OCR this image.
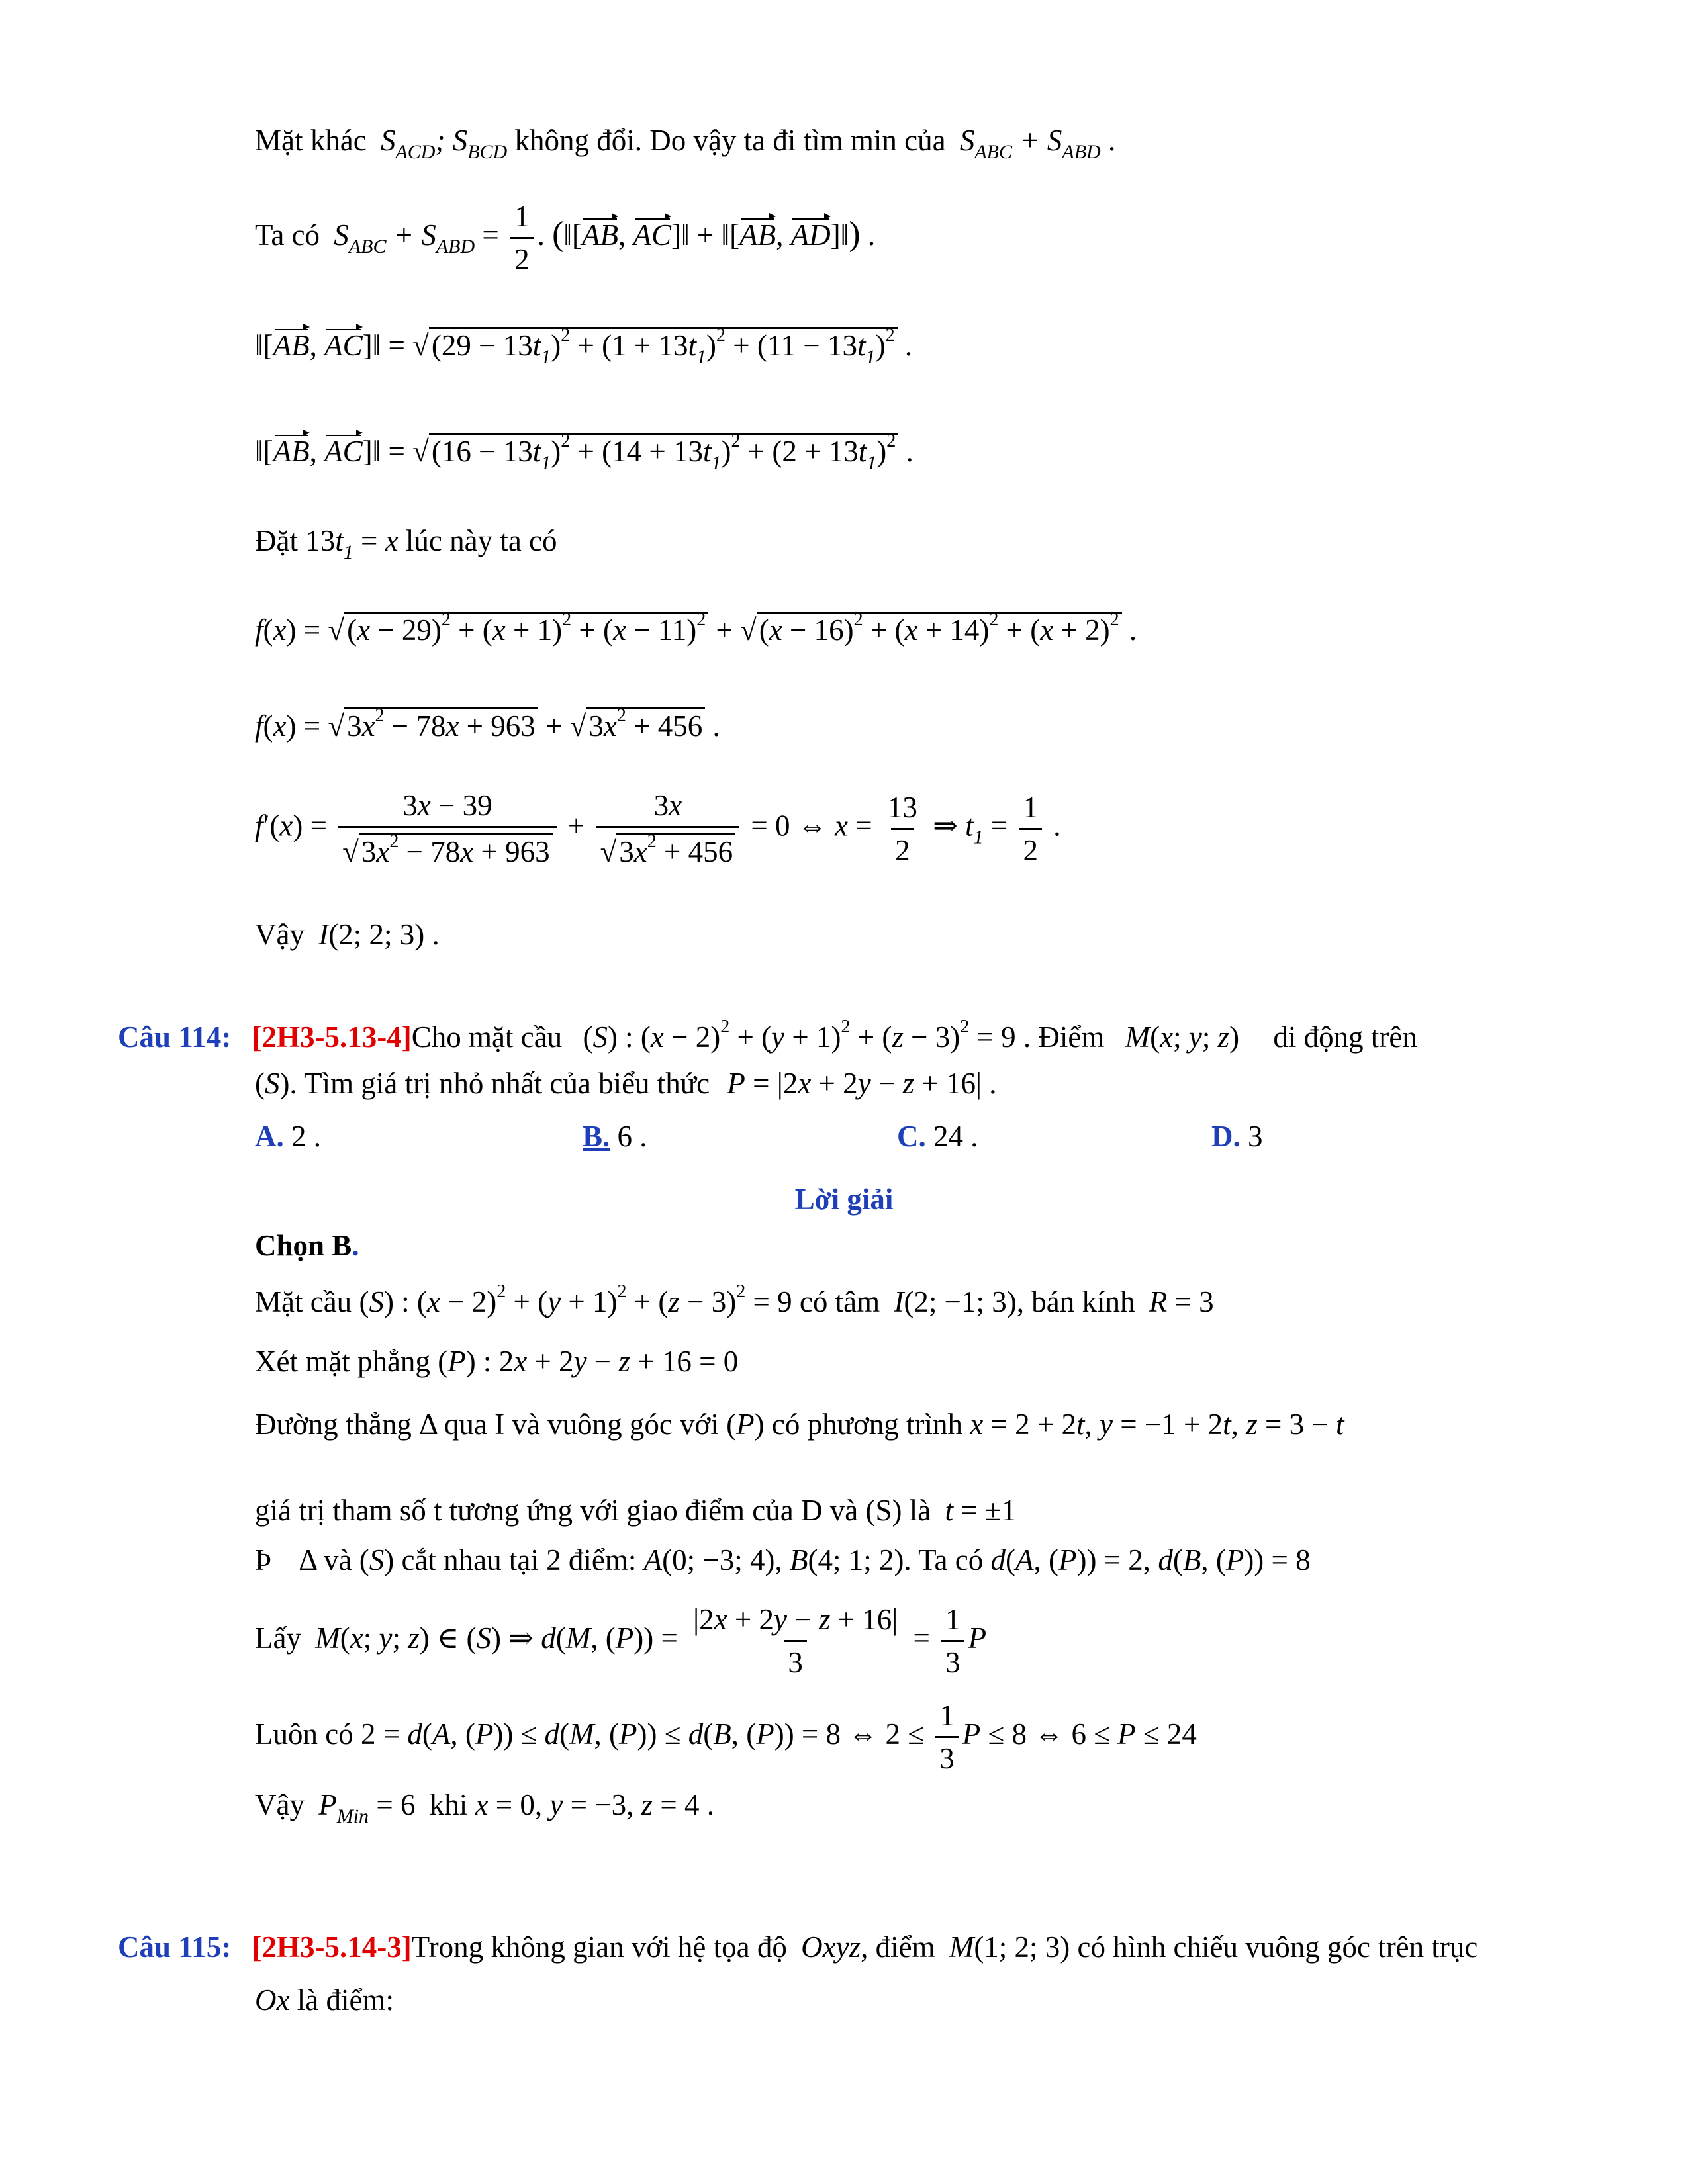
Mặt khác $S_{ACD}$; $S_{BCD}$ không đổi. Do vậy ta đi tìm min của $S_{ABC} + S_{ABD}$ .
Ta có $S_{ABC} + S_{ABD} = \frac{1}{2}$ . (‖[AB, AC]‖ + ‖[AB, AD]‖) .
‖[AB, AC]‖ = $√(29 - 13t_1)^2 + (1 + 13t_1)^2 + (11 - 13t_1)^2$ .
‖[AB, AC]‖ = $√(16 - 13t_1)^2 + (14 + 13t_1)^2 + (2 + 13t_1)^2$ .
Đặt $13t_1 = x$ lúc này ta có
$f(x) = √(x - 29)^2 + (x + 1)^2 + (x - 11)^2 + √(x - 16)^2 + (x + 14)^2 + (x + 2)^2$ .
$f(x) = √3x^2 - 78x + 963 + √3x^2 + 456$ .
$f'(x) = \frac{3x - 39}{√3x^2 - 78x + 963} + \frac{3x}{√3x^2 + 456} = 0$ ⇔ $x = \frac{13}{2}$ ⇒ $t_1 = \frac{1}{2}$ .
Vậy I(2; 2; 3) .
Câu 114: [2H3-5.13-4]Cho mặt cầu (S) : $(x - 2)^2 + (y + 1)^2 + (z - 3)^2 = 9$ . Điểm M(x; y; z) di động trên
(S). Tìm giá trị nhỏ nhất của biểu thức P = |2x + 2y − z + 16| .
A. 2 .	B. 6 .	C. 24 .	D. 3
Lời giải
Chọn B.
Mặt cầu (S) : $(x - 2)^2 + (y + 1)^2 + (z - 3)^2 = 9$ có tâm I(2; −1; 3), bán kính R = 3
Xét mặt phẳng (P) : 2x + 2y − z + 16 = 0
Đường thẳng Δ qua I và vuông góc với (P) có phương trình x = 2 + 2t, y = −1 + 2t, z = 3 − t
giá trị tham số t tương ứng với giao điểm của D và (S) là t = ±1
Þ Δ và (S) cắt nhau tại 2 điểm: A(0; −3; 4), B(4; 1; 2). Ta có d(A, (P)) = 2, d(B, (P)) = 8
Lấy M(x; y; z) ∈ (S) ⇒ d(M, $(P)) = \frac{|2x + 2y - z + 16|}{3} = \frac{1}{3}$ P
Luôn có 2 = d(A, (P)) ≤ d(M, (P)) ≤ d(B, (P)) = 8 ⇔ $2 \le \frac{1}{3}$ P ≤ 8 ⇔ 6 ≤ P ≤ 24
Vậy $P_{Min} = 6$ khi x = 0, y = −3, z = 4 .
Câu 115: [2H3-5.14-3]Trong không gian với hệ tọa độ Oxyz, điểm M(1; 2; 3) có hình chiếu vuông góc trên trục
Ox là điểm:
